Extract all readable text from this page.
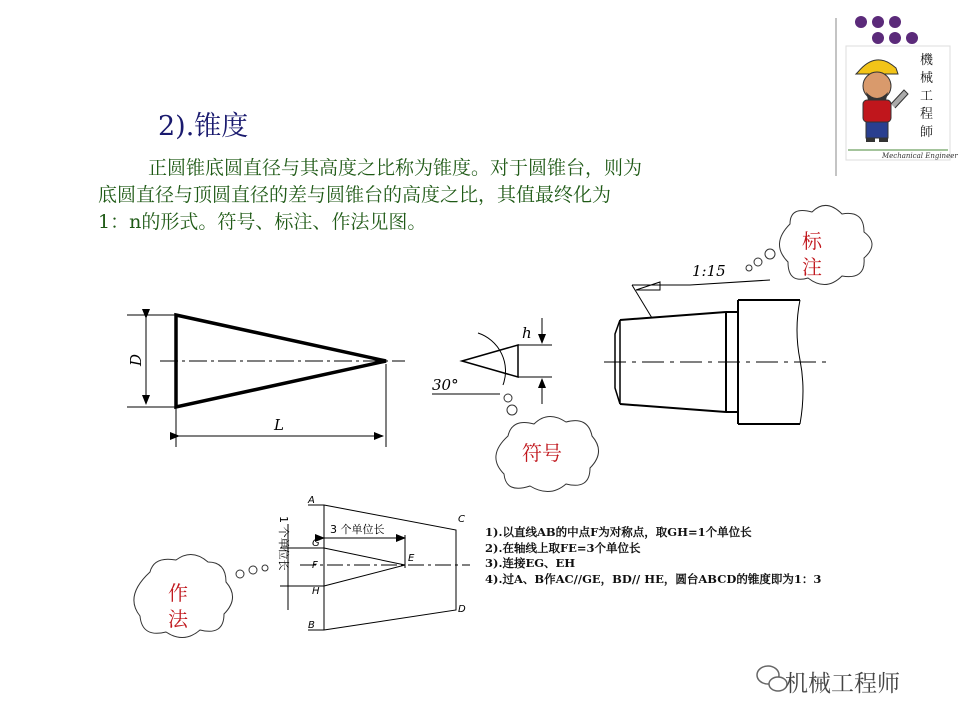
2).锥度
正圆锥底圆直径与其高度之比称为锥度。对于圆锥台，则为
底圆直径与顶圆直径的差与圆锥台的高度之比，其值最终化为
1：n的形式。符号、标注、作法见图。
機
械
工
程
師
Mechanical Engineer
D
L
h
30°
1:15
3 个单位长
1 个单位长
A
B
C
D
G
F
H
E
标
注
符号
作
法
1).以直线AB的中点F为对称点，取GH=1个单位长
2).在轴线上取FE=3个单位长
3).连接EG、EH
4).过A、B作AC//GE，BD// HE，圆台ABCD的锥度即为1：3
机械工程师
